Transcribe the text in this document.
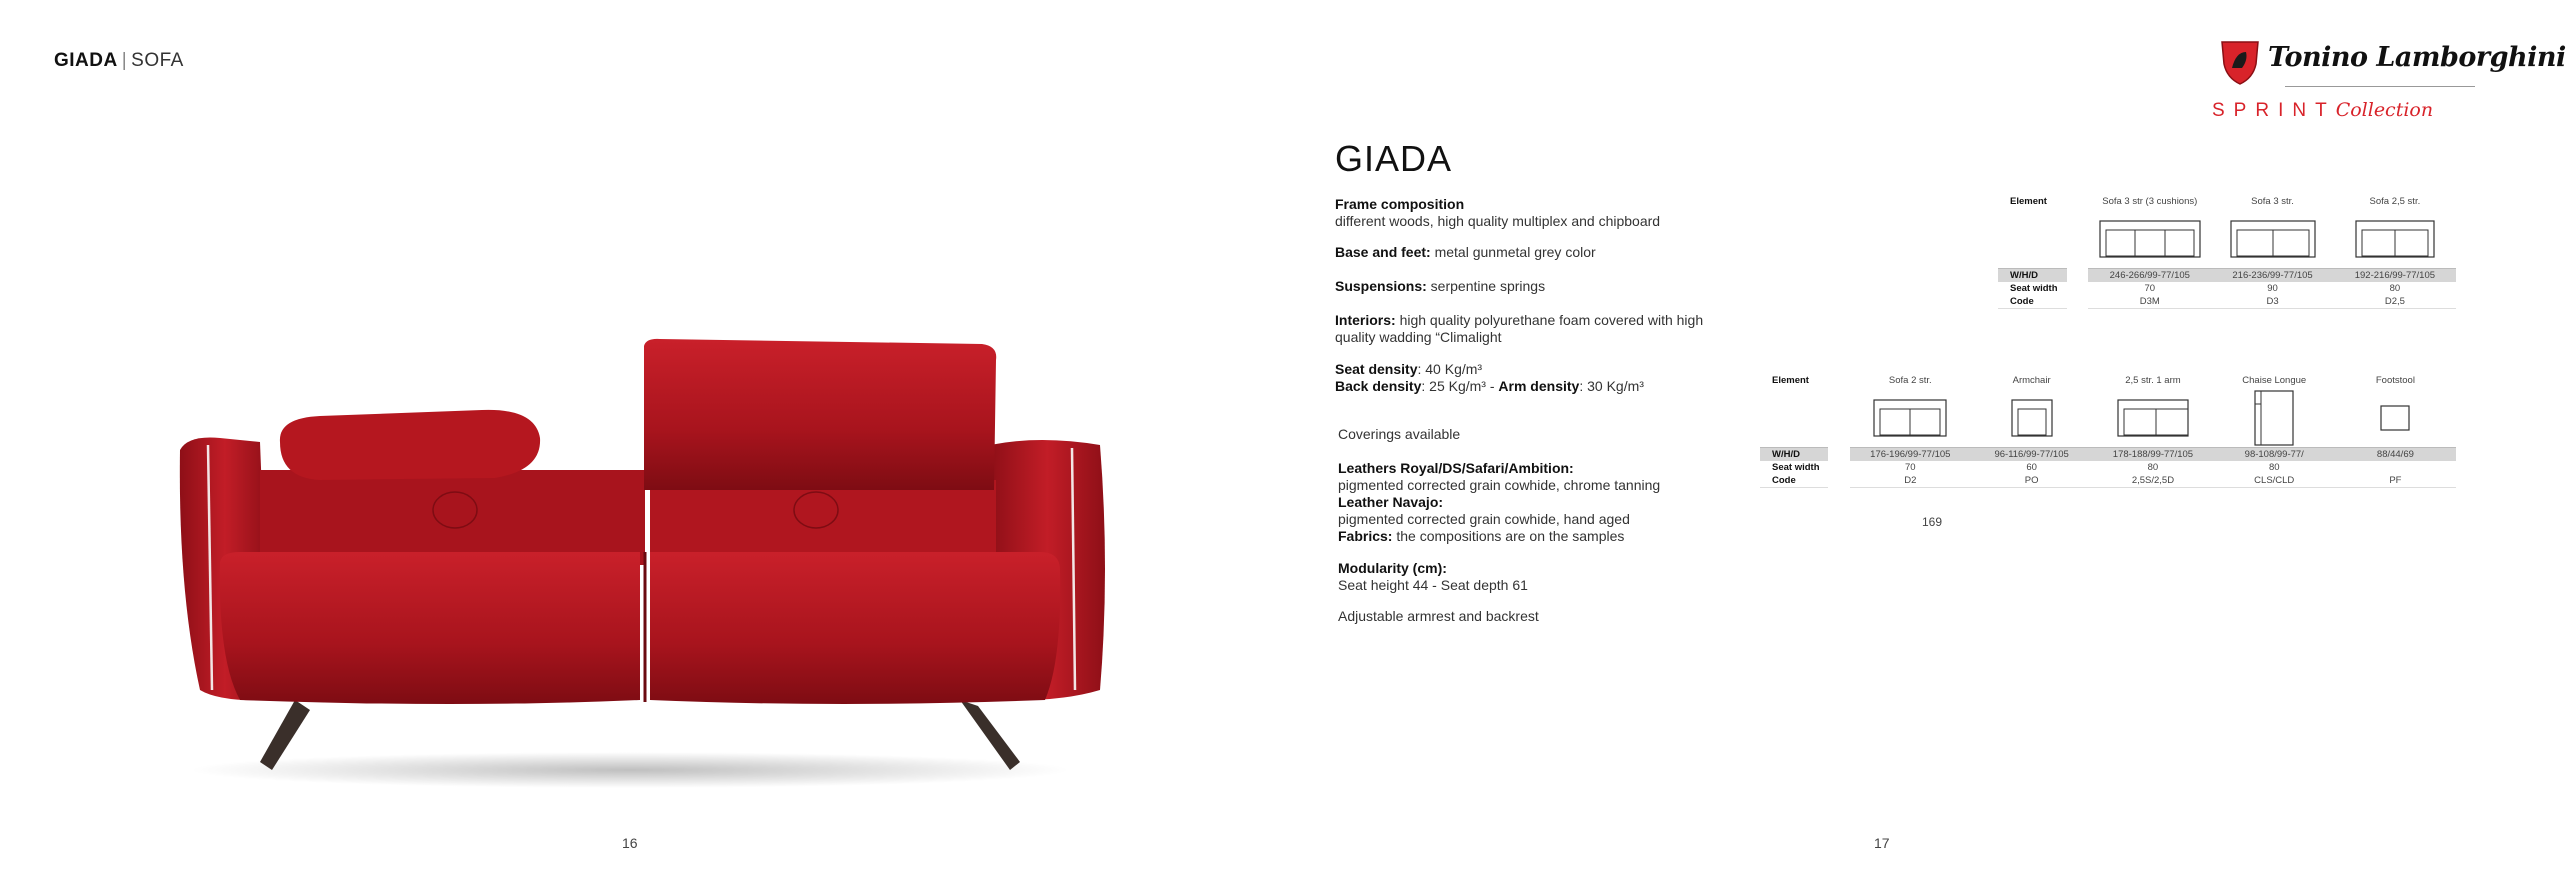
GIADA | SOFA
16
Tonino Lamborghini
SPRINTCollection
GIADA
Frame composition
different woods, high quality multiplex and chipboard
Base and feet: metal gunmetal grey color
Suspensions: serpentine springs
Interiors: high quality polyurethane foam covered with high quality wadding “Climalight
Seat density: 40 Kg/m³
Back density: 25 Kg/m³ - Arm density: 30 Kg/m³
Coverings available
Leathers Royal/DS/Safari/Ambition:
pigmented corrected grain cowhide, chrome tanning
Leather Navajo:
pigmented corrected grain cowhide, hand aged
Fabrics: the compositions are on the samples
Modularity (cm):
Seat height 44 - Seat depth 61
Adjustable armrest and backrest
Element		Sofa 3 str (3 cushions)	Sofa 3 str.	Sofa 2,5 str.

W/H/D		246-266/99-77/105	216-236/99-77/105	192-216/99-77/105
Seat width		70	90	80
Code		D3M	D3	D2,5
Element		Sofa 2 str.	Armchair	2,5 str. 1 arm	Chaise Longue	Footstool

W/H/D		176-196/99-77/105	96-116/99-77/105	178-188/99-77/105	98-108/99-77/	88/44/69
Seat width		70	60	80	80	
Code		D2	PO	2,5S/2,5D	CLS/CLD	PF
169
17
